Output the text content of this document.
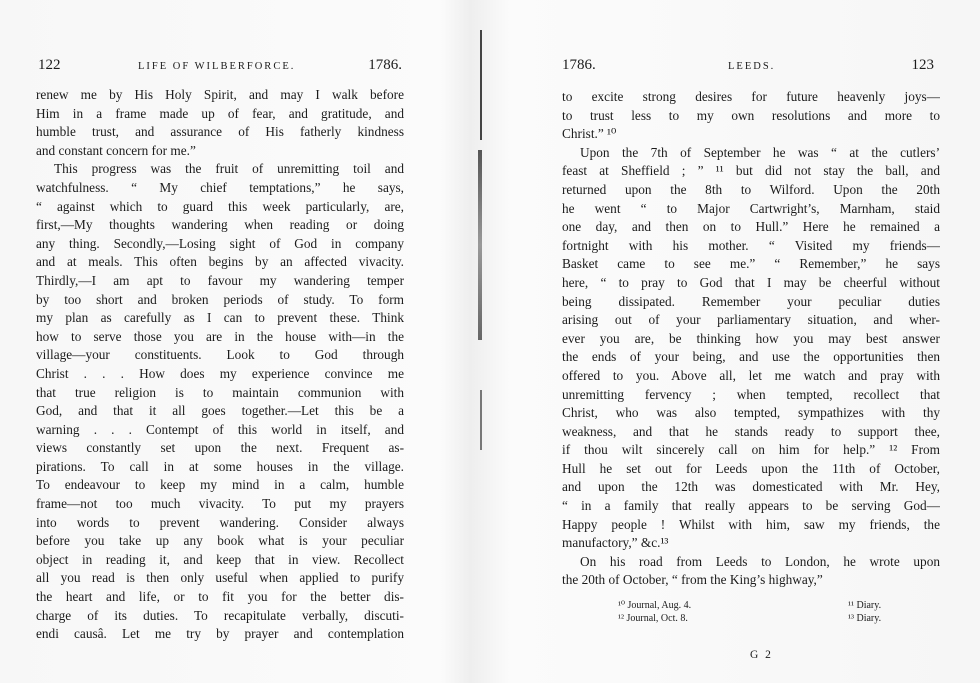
122	LIFE OF WILBERFORCE.	1786.
renew me by His Holy Spirit, and may I walk before
Him in a frame made up of fear, and gratitude, and
humble trust, and assurance of His fatherly kindness
and constant concern for me.”
This progress was the fruit of unremitting toil and
watchfulness. “ My chief temptations,” he says,
“ against which to guard this week particularly, are,
first,—My thoughts wandering when reading or doing
any thing. Secondly,—Losing sight of God in company
and at meals. This often begins by an affected vivacity.
Thirdly,—I am apt to favour my wandering temper
by too short and broken periods of study. To form
my plan as carefully as I can to prevent these. Think
how to serve those you are in the house with—in the
village—your constituents. Look to God through
Christ . . . How does my experience convince me
that true religion is to maintain communion with
God, and that it all goes together.—Let this be a
warning . . . Contempt of this world in itself, and
views constantly set upon the next. Frequent as-
pirations. To call in at some houses in the village.
To endeavour to keep my mind in a calm, humble
frame—not too much vivacity. To put my prayers
into words to prevent wandering. Consider always
before you take up any book what is your peculiar
object in reading it, and keep that in view. Recollect
all you read is then only useful when applied to purify
the heart and life, or to fit you for the better dis-
charge of its duties. To recapitulate verbally, discuti-
endi causâ. Let me try by prayer and contemplation
1786.	LEEDS.	123
to excite strong desires for future heavenly joys—
to trust less to my own resolutions and more to
Christ.” ¹⁰
Upon the 7th of September he was “ at the cutlers’
feast at Sheffield ; ” ¹¹ but did not stay the ball, and
returned upon the 8th to Wilford. Upon the 20th
he went “ to Major Cartwright’s, Marnham, staid
one day, and then on to Hull.” Here he remained a
fortnight with his mother. “ Visited my friends—
Basket came to see me.” “ Remember,” he says
here, “ to pray to God that I may be cheerful without
being dissipated. Remember your peculiar duties
arising out of your parliamentary situation, and wher-
ever you are, be thinking how you may best answer
the ends of your being, and use the opportunities then
offered to you. Above all, let me watch and pray with
unremitting fervency ; when tempted, recollect that
Christ, who was also tempted, sympathizes with thy
weakness, and that he stands ready to support thee,
if thou wilt sincerely call on him for help.” ¹² From
Hull he set out for Leeds upon the 11th of October,
and upon the 12th was domesticated with Mr. Hey,
“ in a family that really appears to be serving God—
Happy people ! Whilst with him, saw my friends, the
manufactory,” &c.¹³
On his road from Leeds to London, he wrote upon
the 20th of October, “ from the King’s highway,”
¹⁰ Journal, Aug. 4.
¹² Journal, Oct. 8.
¹¹ Diary.
¹³ Diary.
G 2
